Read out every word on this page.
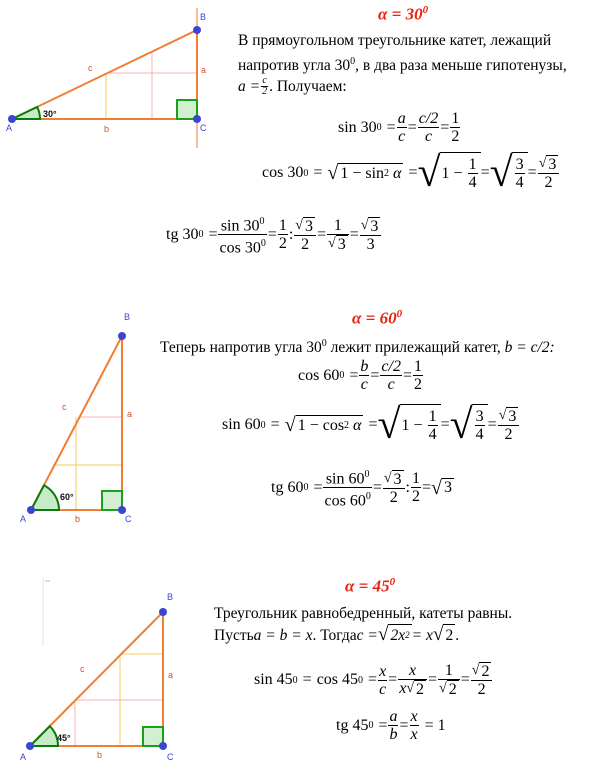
A
B
C
a
b
c
30°
$\alpha = 30^0$
В прямоугольном треугольнике катет, лежащий
напротив угла $30^0$, в два раза меньше гипотенузы,
$a = \frac{c}{2}$ . Получаем:
sin 30 $0 = \frac{a}{c} = \frac{c/2}{c} = \frac{1}{2}$
cos 30 0 = √ 1 − sin 2
α = √ 1 −
$\frac{1}{4}$ = √ 3
4
= $\frac{√ 3}{2}$
tg 30 $0 = \frac{\sin 30^0}{\cos 30^0} = \frac{1}{2}$ : $\frac{√ 3}{2} = \frac{1}{√ 3} = \frac{√ 3}{3}$
A
B
C
a
b
c
60°
$\alpha = 60^0$
Теперь напротив угла $30^0$ лежит прилежащий катет, b = c/2:
cos 60 $0 = \frac{b}{c} = \frac{c/2}{c} = \frac{1}{2}$
sin 60 0 = √ 1 − cos 2
α = √ 1 −
$\frac{1}{4}$ = √ 3
4
= $\frac{√ 3}{2}$
tg 60 $0 = \frac{\sin 60^0}{\cos 60^0} = \frac{√ 3}{2}$ : $\frac{1}{2}$ = √ 3
A
B
C
a
b
c
45°
$\alpha = 45^0$
Треугольник равнобедренный, катеты равны.
Пусть a = b = x . Тогда c = √ 2x 2 = x √ 2 .
sin 45 0 = cos 45 $0 = \frac{x}{c} = \frac{x}{x √ 2} = \frac{1}{√ 2} = \frac{√ 2}{2}$
tg 45 $0 = \frac{a}{b} = \frac{x}{x} = 1$
